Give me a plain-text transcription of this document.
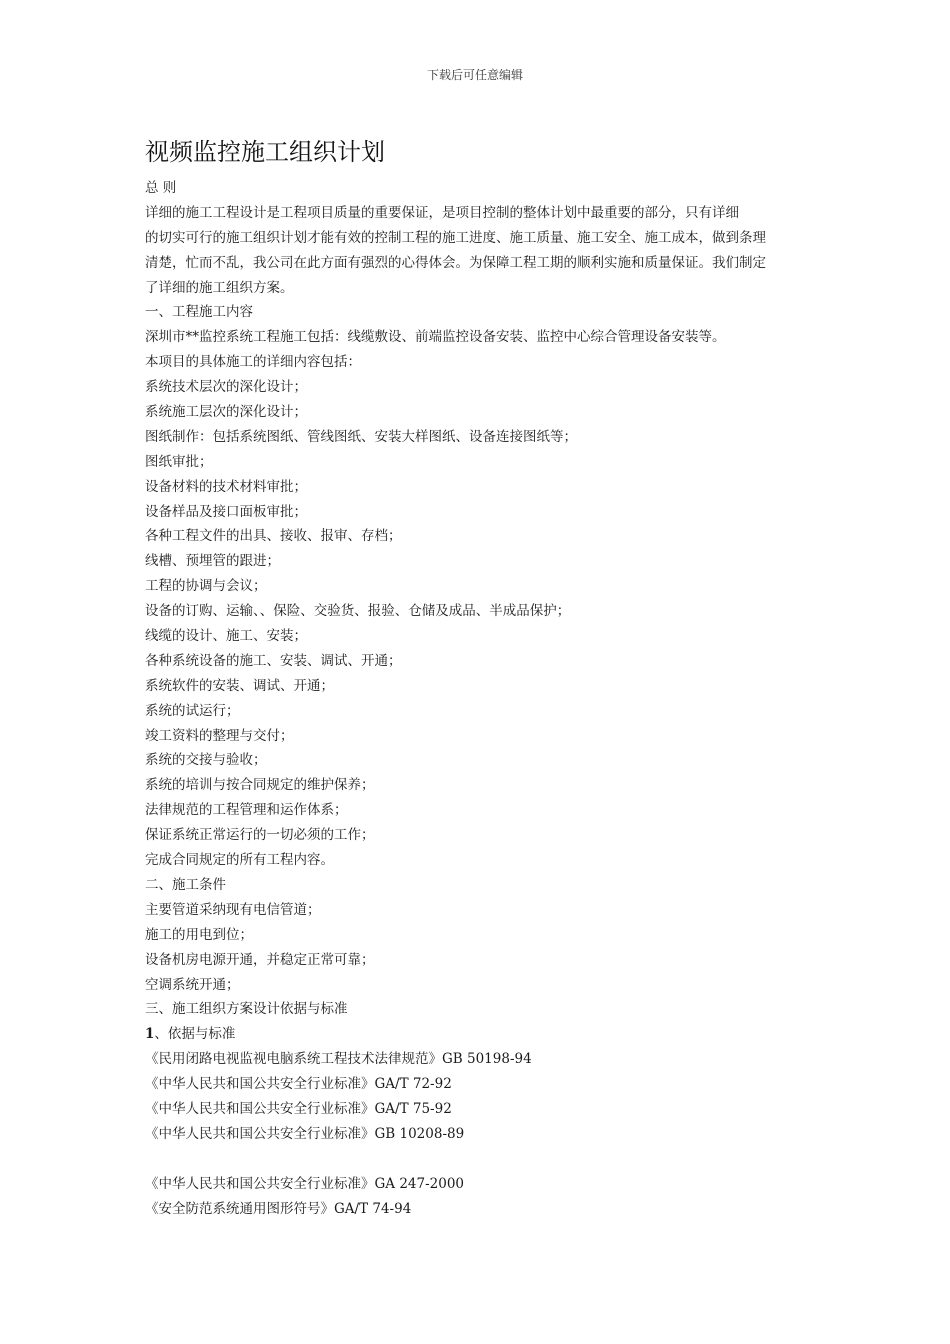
下载后可任意编辑
视频监控施工组织计划
总 则
详细的施工工程设计是工程项目质量的重要保证，是项目控制的整体计划中最重要的部分，只有详细
的切实可行的施工组织计划才能有效的控制工程的施工进度、施工质量、施工安全、施工成本，做到条理
清楚，忙而不乱，我公司在此方面有强烈的心得体会。为保障工程工期的顺利实施和质量保证。我们制定
了详细的施工组织方案。
一、工程施工内容
深圳市**监控系统工程施工包括：线缆敷设、前端监控设备安装、监控中心综合管理设备安装等。
本项目的具体施工的详细内容包括：
系统技术层次的深化设计；
系统施工层次的深化设计；
图纸制作：包括系统图纸、管线图纸、安装大样图纸、设备连接图纸等；
图纸审批；
设备材料的技术材料审批；
设备样品及接口面板审批；
各种工程文件的出具、接收、报审、存档；
线槽、预埋管的跟进；
工程的协调与会议；
设备的订购、运输、、保险、交验货、报验、仓储及成品、半成品保护；
线缆的设计、施工、安装；
各种系统设备的施工、安装、调试、开通；
系统软件的安装、调试、开通；
系统的试运行；
竣工资料的整理与交付；
系统的交接与验收；
系统的培训与按合同规定的维护保养；
法律规范的工程管理和运作体系；
保证系统正常运行的一切必须的工作；
完成合同规定的所有工程内容。
二、施工条件
主要管道采纳现有电信管道；
施工的用电到位；
设备机房电源开通，并稳定正常可靠；
空调系统开通；
三、施工组织方案设计依据与标准
1、依据与标准
《民用闭路电视监视电脑系统工程技术法律规范》GB 50198-94
《中华人民共和国公共安全行业标准》GA/T 72-92
《中华人民共和国公共安全行业标准》GA/T 75-92
《中华人民共和国公共安全行业标准》GB 10208-89
《中华人民共和国公共安全行业标准》GA 247-2000
《安全防范系统通用图形符号》GA/T 74-94
